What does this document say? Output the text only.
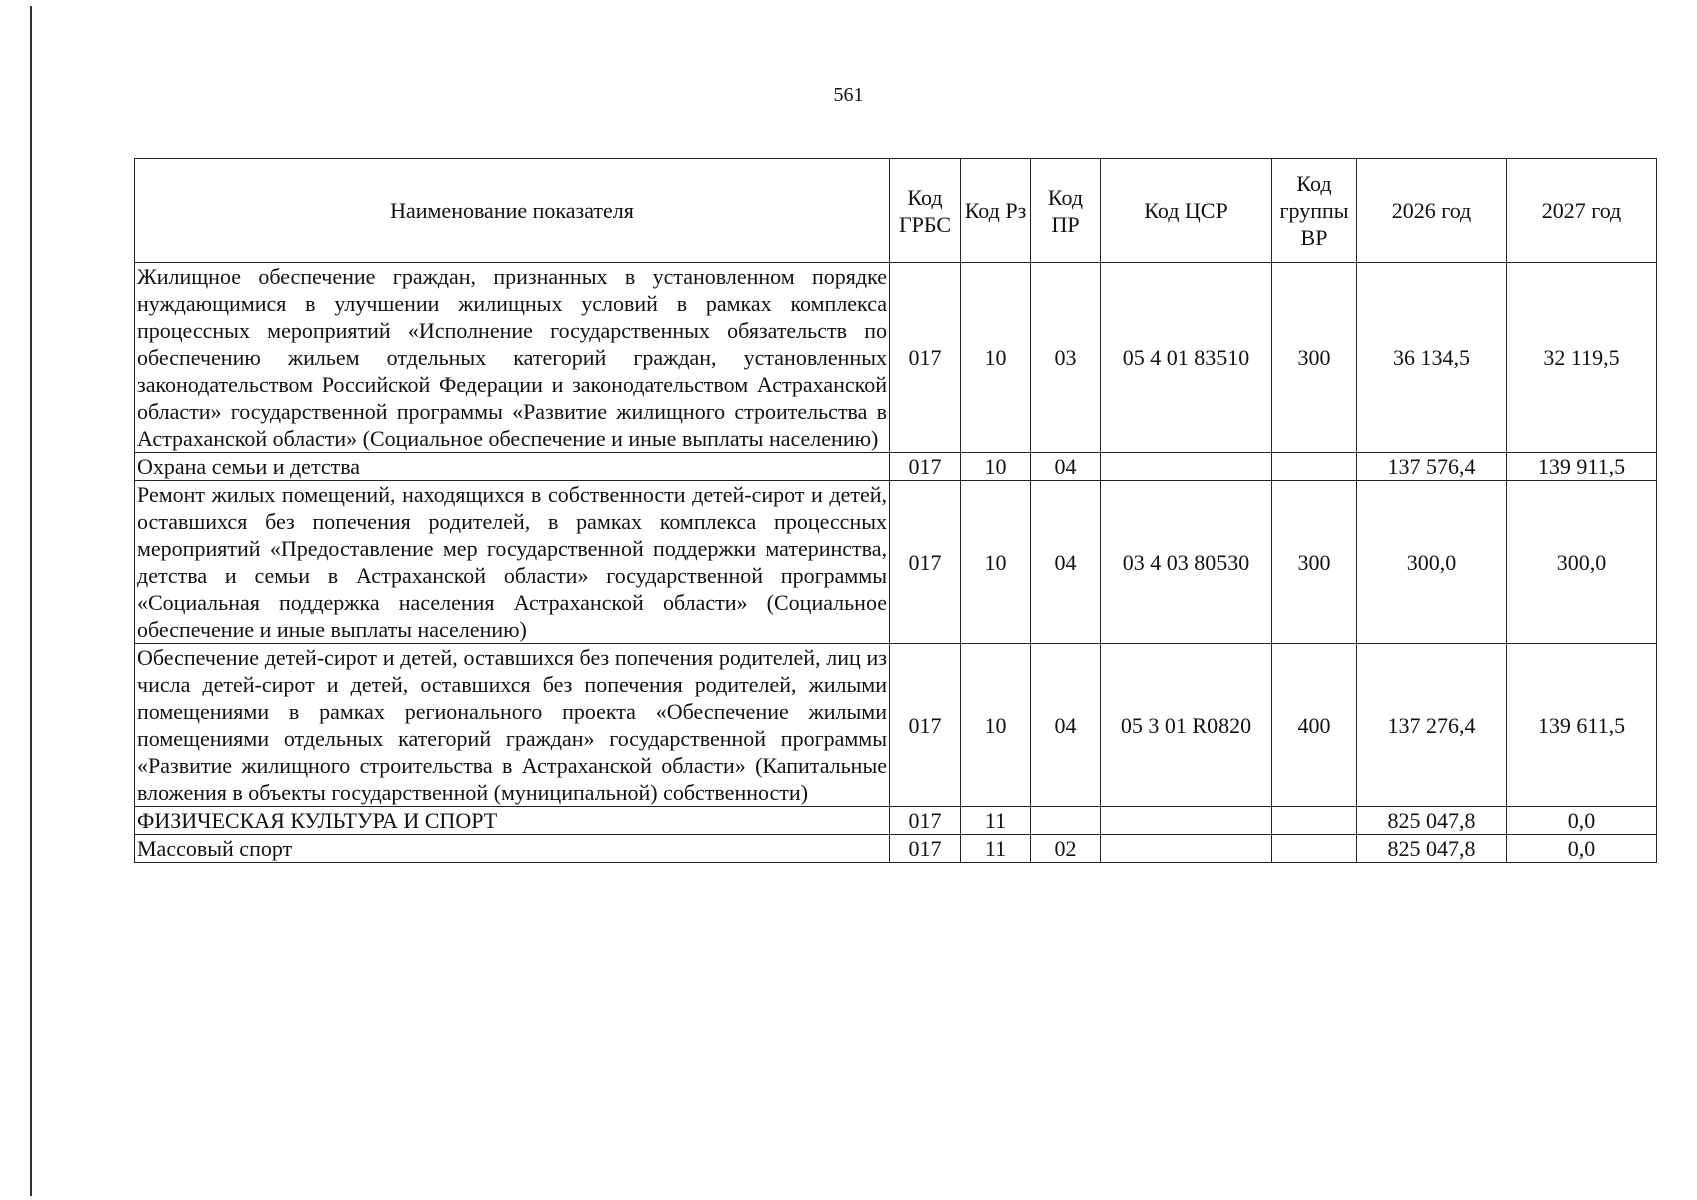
561
Наименование показателя	Код ГРБС	Код Рз	Код ПР	Код ЦСР	Код группы ВР	2026 год	2027 год
Жилищное обеспечение граждан, признанных в установленном порядке нуждающимися в улучшении жилищных условий в рамках комплекса процессных мероприятий «Исполнение государственных обязательств по обеспечению жильем отдельных категорий граждан, установленных законодательством Российской Федерации и законодательством Астраханской области» государственной программы «Развитие жилищного строительства в Астраханской области» (Социальное обеспечение и иные выплаты населению)	017	10	03	05 4 01 83510	300	36 134,5	32 119,5
Охрана семьи и детства	017	10	04			137 576,4	139 911,5
Ремонт жилых помещений, находящихся в собственности детей-сирот и детей, оставшихся без попечения родителей, в рамках комплекса процессных мероприятий «Предоставление мер государственной поддержки материнства, детства и семьи в Астраханской области» государственной программы «Социальная поддержка населения Астраханской области» (Социальное обеспечение и иные выплаты населению)	017	10	04	03 4 03 80530	300	300,0	300,0
Обеспечение детей-сирот и детей, оставшихся без попечения родителей, лиц из числа детей-сирот и детей, оставшихся без попечения родителей, жилыми помещениями в рамках регионального проекта «Обеспечение жилыми помещениями отдельных категорий граждан» государственной программы «Развитие жилищного строительства в Астраханской области» (Капитальные вложения в объекты государственной (муниципальной) собственности)	017	10	04	05 3 01 R0820	400	137 276,4	139 611,5
ФИЗИЧЕСКАЯ КУЛЬТУРА И СПОРТ	017	11				825 047,8	0,0
Массовый спорт	017	11	02			825 047,8	0,0
